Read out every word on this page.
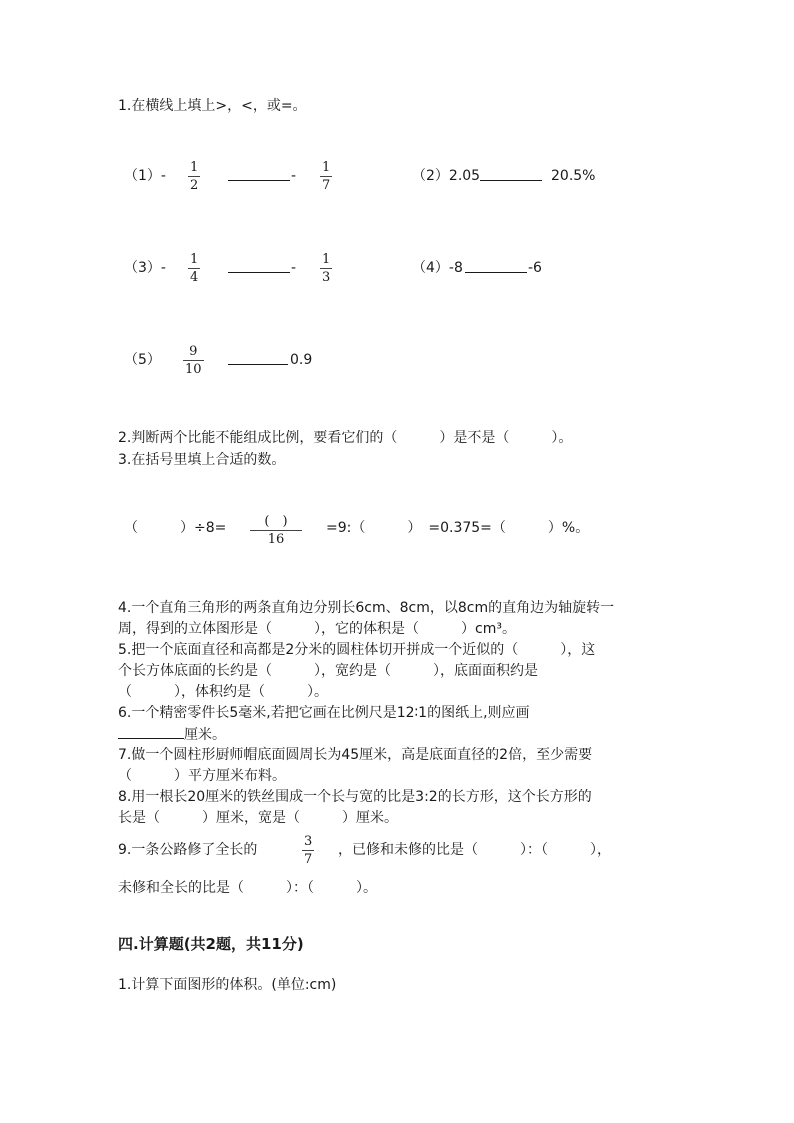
1.在横线上填上>，<，或=。
$(1)- \frac{1}{2}$	- $\frac{1}{7}$	（2）2.05	20.5%
$(3)- \frac{1}{4}$	- $\frac{1}{3}$	（4）-8	-6
$(5) \frac{9}{10}$	0.9
2.判断两个比能不能组成比例，要看它们的（　　　）是不是（　　　）。
3.在括号里填上合适的数。
（　　　）÷8=	(　)
16
=9:（　　　）　=0.375=（　　　）%。
4.一个直角三角形的两条直角边分别长6cm、8cm，以8cm的直角边为轴旋转一
周，得到的立体图形是（　　　），它的体积是（　　　）cm³。
5.把一个底面直径和高都是2分米的圆柱体切开拼成一个近似的（　　　），这
个长方体底面的长约是（　　　），宽约是（　　　），底面面积约是
（　　　），体积约是（　　　）。
6.一个精密零件长5毫米,若把它画在比例尺是12∶1的图纸上,则应画
厘米。
7.做一个圆柱形厨师帽底面圆周长为45厘米，高是底面直径的2倍，至少需要
（　　　）平方厘米布料。
8.用一根长20厘米的铁丝围成一个长与宽的比是3:2的长方形，这个长方形的
长是（　　　）厘米，宽是（　　　）厘米。
9.一条公路修了全长的	$\frac{3}{7}$ ，已修和未修的比是（　　　）：（　　　），
未修和全长的比是（　　　）：（　　　）。
四.计算题(共2题，共11分)
1.计算下面图形的体积。(单位:cm)
